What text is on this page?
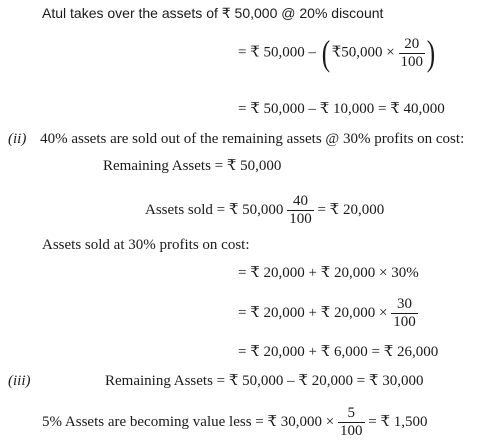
Atul takes over the assets of ₹ 50,000 @ 20% discount
= ₹ 50,000 – ( ₹50,000 × $\frac{20}{100}$ )
= ₹ 50,000 – ₹ 10,000 = ₹ 40,000
(ii) 40% assets are sold out of the remaining assets @ 30% profits on cost:
Remaining Assets = ₹ 50,000
Assets sold = ₹ $50,000 \frac{40}{100}$ = ₹ 20,000
Assets sold at 30% profits on cost:
= ₹ 20,000 + ₹ 20,000 × 30%
= ₹ 20,000 + ₹ $20,000 \times \frac{30}{100}$
= ₹ 20,000 + ₹ 6,000 = ₹ 26,000
(iii)	Remaining Assets = ₹ 50,000 – ₹ 20,000 = ₹ 30,000
5% Assets are becoming value less = ₹ $30,000 \times \frac{5}{100}$ = ₹ 1,500
